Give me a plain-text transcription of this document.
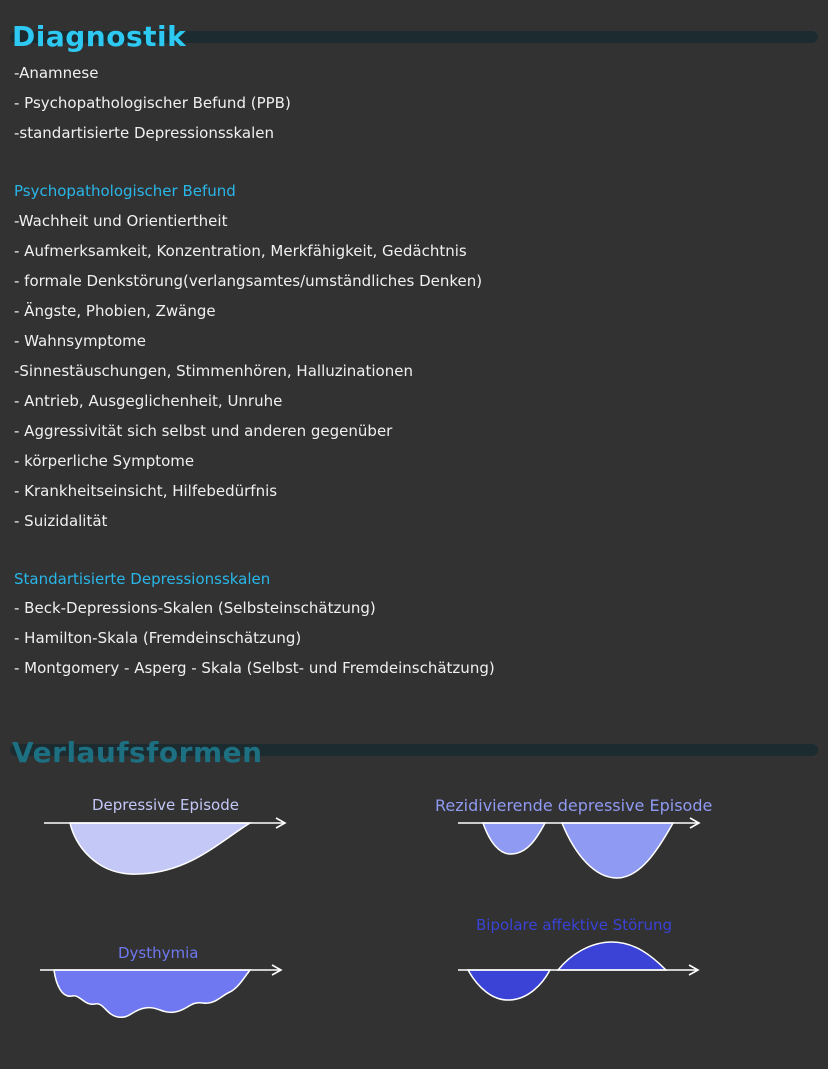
Diagnostik
-Anamnese
- Psychopathologischer Befund (PPB)
-standartisierte Depressionsskalen
Psychopathologischer Befund
-Wachheit und Orientiertheit
- Aufmerksamkeit, Konzentration, Merkfähigkeit, Gedächtnis
- formale Denkstörung(verlangsamtes/umständliches Denken)
- Ängste, Phobien, Zwänge
- Wahnsymptome
-Sinnestäuschungen, Stimmenhören, Halluzinationen
- Antrieb, Ausgeglichenheit, Unruhe
- Aggressivität sich selbst und anderen gegenüber
- körperliche Symptome
- Krankheitseinsicht, Hilfebedürfnis
- Suizidalität
Standartisierte Depressionsskalen
- Beck-Depressions-Skalen (Selbsteinschätzung)
- Hamilton-Skala (Fremdeinschätzung)
- Montgomery - Asperg - Skala (Selbst- und Fremdeinschätzung)
Verlaufsformen
Depressive Episode	Rezidivierende depressive Episode
Dysthymia
Bipolare affektive Störung
